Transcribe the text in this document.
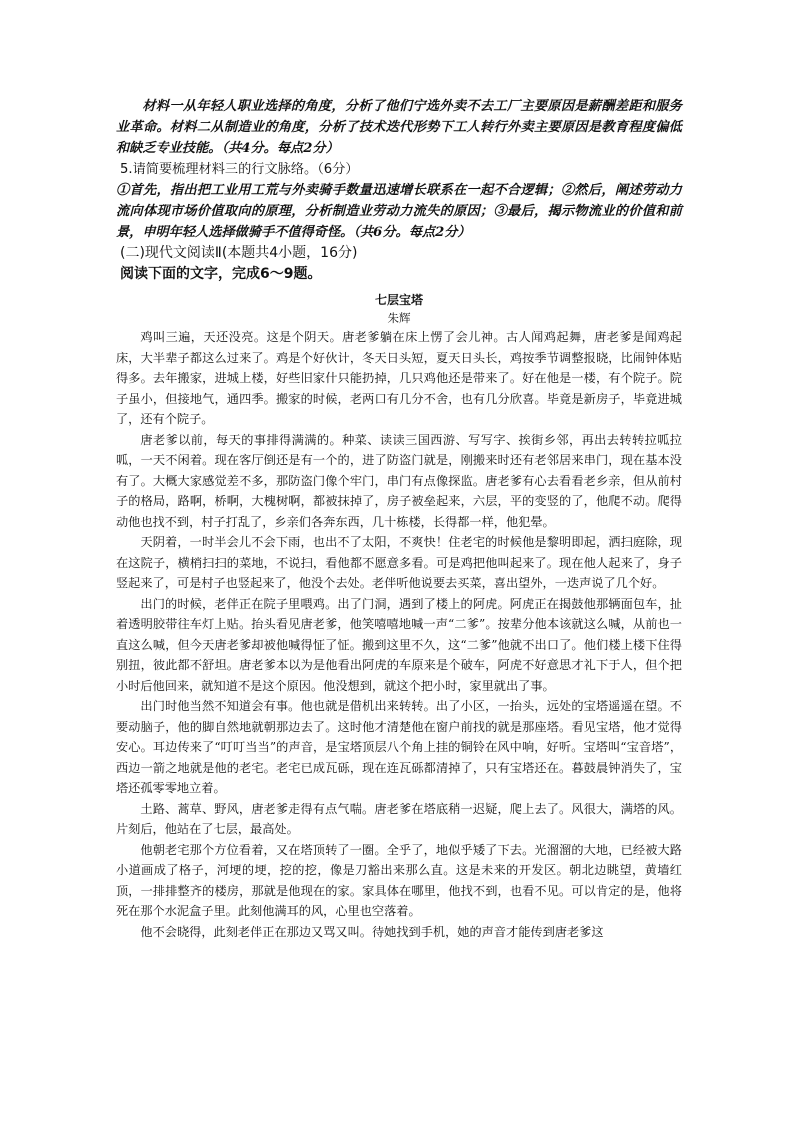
材料一从年轻人职业选择的角度，分析了他们宁选外卖不去工厂主要原因是薪酬差距和服务业革命。材料二从制造业的角度，分析了技术迭代形势下工人转行外卖主要原因是教育程度偏低和缺乏专业技能。（共4分。每点2分）

5.请简要梳理材料三的行文脉络。（6分）

①首先，指出把工业用工荒与外卖骑手数量迅速增长联系在一起不合逻辑；②然后，阐述劳动力流向体现市场价值取向的原理，分析制造业劳动力流失的原因；③最后，揭示物流业的价值和前景，申明年轻人选择做骑手不值得奇怪。（共6分。每点2分）

(二)现代文阅读Ⅱ(本题共4小题，16分)

阅读下面的文字，完成6～9题。

七层宝塔

朱辉

鸡叫三遍，天还没亮。这是个阴天。唐老爹躺在床上愣了会儿神。古人闻鸡起舞，唐老爹是闻鸡起床，大半辈子都这么过来了。鸡是个好伙计，冬天日头短，夏天日头长，鸡按季节调整报晓，比闹钟体贴得多。去年搬家，进城上楼，好些旧家什只能扔掉，几只鸡他还是带来了。好在他是一楼，有个院子。院子虽小，但接地气，通四季。搬家的时候，老两口有几分不舍，也有几分欣喜。毕竟是新房子，毕竟进城了，还有个院子。

唐老爹以前，每天的事排得满满的。种菜、读读三国西游、写写字、挨街乡邻，再出去转转拉呱拉呱，一天不闲着。现在客厅倒还是有一个的，进了防盗门就是，刚搬来时还有老邻居来串门，现在基本没有了。大概大家感觉差不多，那防盗门像个牢门，串门有点像探监。唐老爹有心去看看老乡亲，但从前村子的格局，路啊，桥啊，大槐树啊，都被抹掉了，房子被垒起来，六层，平的变竖的了，他爬不动。爬得动他也找不到，村子打乱了，乡亲们各奔东西，几十栋楼，长得都一样，他犯晕。

天阴着，一时半会儿不会下雨，也出不了太阳，不爽快！住老宅的时候他是黎明即起，洒扫庭除，现在这院子，横梢扫扫的菜地，不说扫，看他都不愿意多看。可是鸡把他叫起来了。现在他人起来了，身子竖起来了，可是村子也竖起来了，他没个去处。老伴听他说要去买菜，喜出望外，一迭声说了几个好。

出门的时候，老伴正在院子里喂鸡。出了门洞，遇到了楼上的阿虎。阿虎正在揭鼓他那辆面包车，扯着透明胶带往车灯上贴。抬头看见唐老爹，他笑嘻嘻地喊一声“二爹”。按辈分他本该就这么喊，从前也一直这么喊，但今天唐老爹却被他喊得怔了怔。搬到这里不久，这“二爹”他就不出口了。他们楼上楼下住得别扭，彼此都不舒坦。唐老爹本以为是他看出阿虎的车原来是个破车，阿虎不好意思才礼下于人，但个把小时后他回来，就知道不是这个原因。他没想到，就这个把小时，家里就出了事。

出门时他当然不知道会有事。他也就是借机出来转转。出了小区，一抬头，远处的宝塔遥遥在望。不要动脑子，他的脚自然地就朝那边去了。这时他才清楚他在窗户前找的就是那座塔。看见宝塔，他才觉得安心。耳边传来了“叮叮当当”的声音，是宝塔顶层八个角上挂的铜铃在风中响，好听。宝塔叫“宝音塔”，西边一箭之地就是他的老宅。老宅已成瓦砾，现在连瓦砾都清掉了，只有宝塔还在。暮鼓晨钟消失了，宝塔还孤零零地立着。

土路、蒿草、野风，唐老爹走得有点气喘。唐老爹在塔底稍一迟疑，爬上去了。风很大，满塔的风。片刻后，他站在了七层，最高处。

他朝老宅那个方位看着，又在塔顶转了一圈。全乎了，地似乎矮了下去。光溜溜的大地，已经被大路小道画成了格子，河埂的埂，挖的挖，像是刀豁出来那么直。这是未来的开发区。朝北边眺望，黄墙红顶，一排排整齐的楼房，那就是他现在的家。家具体在哪里，他找不到，也看不见。可以肯定的是，他将死在那个水泥盒子里。此刻他满耳的风，心里也空落着。

他不会晓得，此刻老伴正在那边又骂又叫。待她找到手机，她的声音才能传到唐老爹这
